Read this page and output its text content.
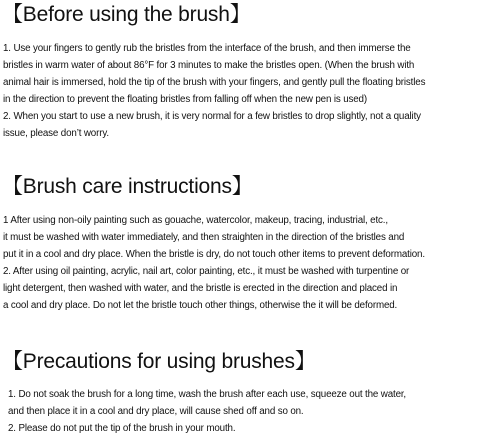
【Before using the brush】

1. Use your fingers to gently rub the bristles from the interface of the brush, and then immerse the

bristles in warm water of about 86°F for 3 minutes to make the bristles open. (When the brush with

animal hair is immersed, hold the tip of the brush with your fingers, and gently pull the floating bristles

in the direction to prevent the floating bristles from falling off when the new pen is used)

2. When you start to use a new brush, it is very normal for a few bristles to drop slightly, not a quality

issue, please don’t worry.

【Brush care instructions】

1 After using non-oily painting such as gouache, watercolor, makeup, tracing, industrial, etc.,

it must be washed with water immediately, and then straighten in the direction of the bristles and

put it in a cool and dry place. When the bristle is dry, do not touch other items to prevent deformation.

2. After using oil painting, acrylic, nail art, color painting, etc., it must be washed with turpentine or

light detergent, then washed with water, and the bristle is erected in the direction and placed in

a cool and dry place. Do not let the bristle touch other things, otherwise the it will be deformed.

【Precautions for using brushes】

1. Do not soak the brush for a long time, wash the brush after each use, squeeze out the water,

and then place it in a cool and dry place, will cause shed off and so on.

2. Please do not put the tip of the brush in your mouth.
